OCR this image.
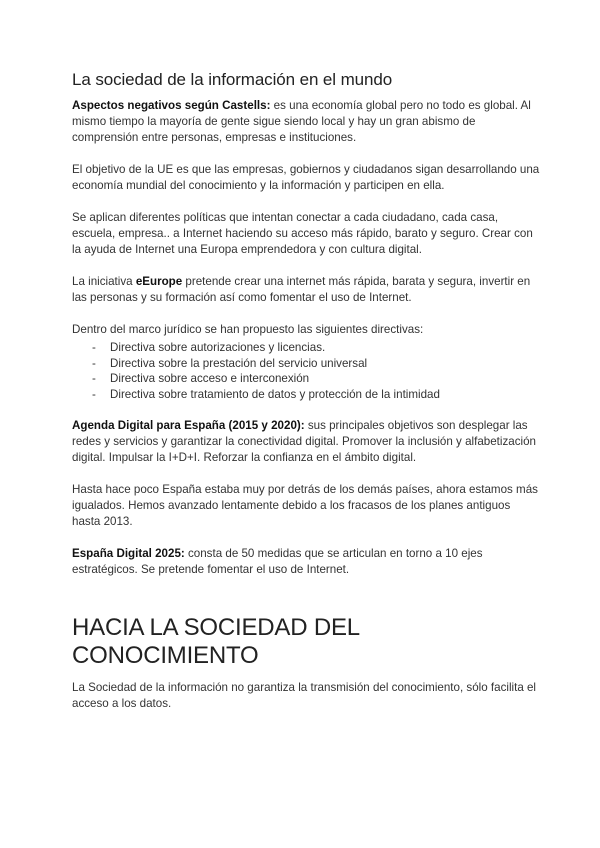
La sociedad de la información en el mundo

Aspectos negativos según Castells: es una economía global pero no todo es global. Al mismo tiempo la mayoría de gente sigue siendo local y hay un gran abismo de comprensión entre personas, empresas e instituciones.

El objetivo de la UE es que las empresas, gobiernos y ciudadanos sigan desarrollando una economía mundial del conocimiento y la información y participen en ella.

Se aplican diferentes políticas que intentan conectar a cada ciudadano, cada casa, escuela, empresa.. a Internet haciendo su acceso más rápido, barato y seguro. Crear con la ayuda de Internet una Europa emprendedora y con cultura digital.

La iniciativa eEurope pretende crear una internet más rápida, barata y segura, invertir en las personas y su formación así como fomentar el uso de Internet.

Dentro del marco jurídico se han propuesto las siguientes directivas:

- Directiva sobre autorizaciones y licencias.
- Directiva sobre la prestación del servicio universal
- Directiva sobre acceso e interconexión
- Directiva sobre tratamiento de datos y protección de la intimidad

Agenda Digital para España (2015 y 2020): sus principales objetivos son desplegar las redes y servicios y garantizar la conectividad digital. Promover la inclusión y alfabetización digital. Impulsar la I+D+I. Reforzar la confianza en el ámbito digital.

Hasta hace poco España estaba muy por detrás de los demás países, ahora estamos más igualados. Hemos avanzado lentamente debido a los fracasos de los planes antiguos hasta 2013.

España Digital 2025: consta de 50 medidas que se articulan en torno a 10 ejes estratégicos. Se pretende fomentar el uso de Internet.

HACIA LA SOCIEDAD DEL CONOCIMIENTO

La Sociedad de la información no garantiza la transmisión del conocimiento, sólo facilita el acceso a los datos.
